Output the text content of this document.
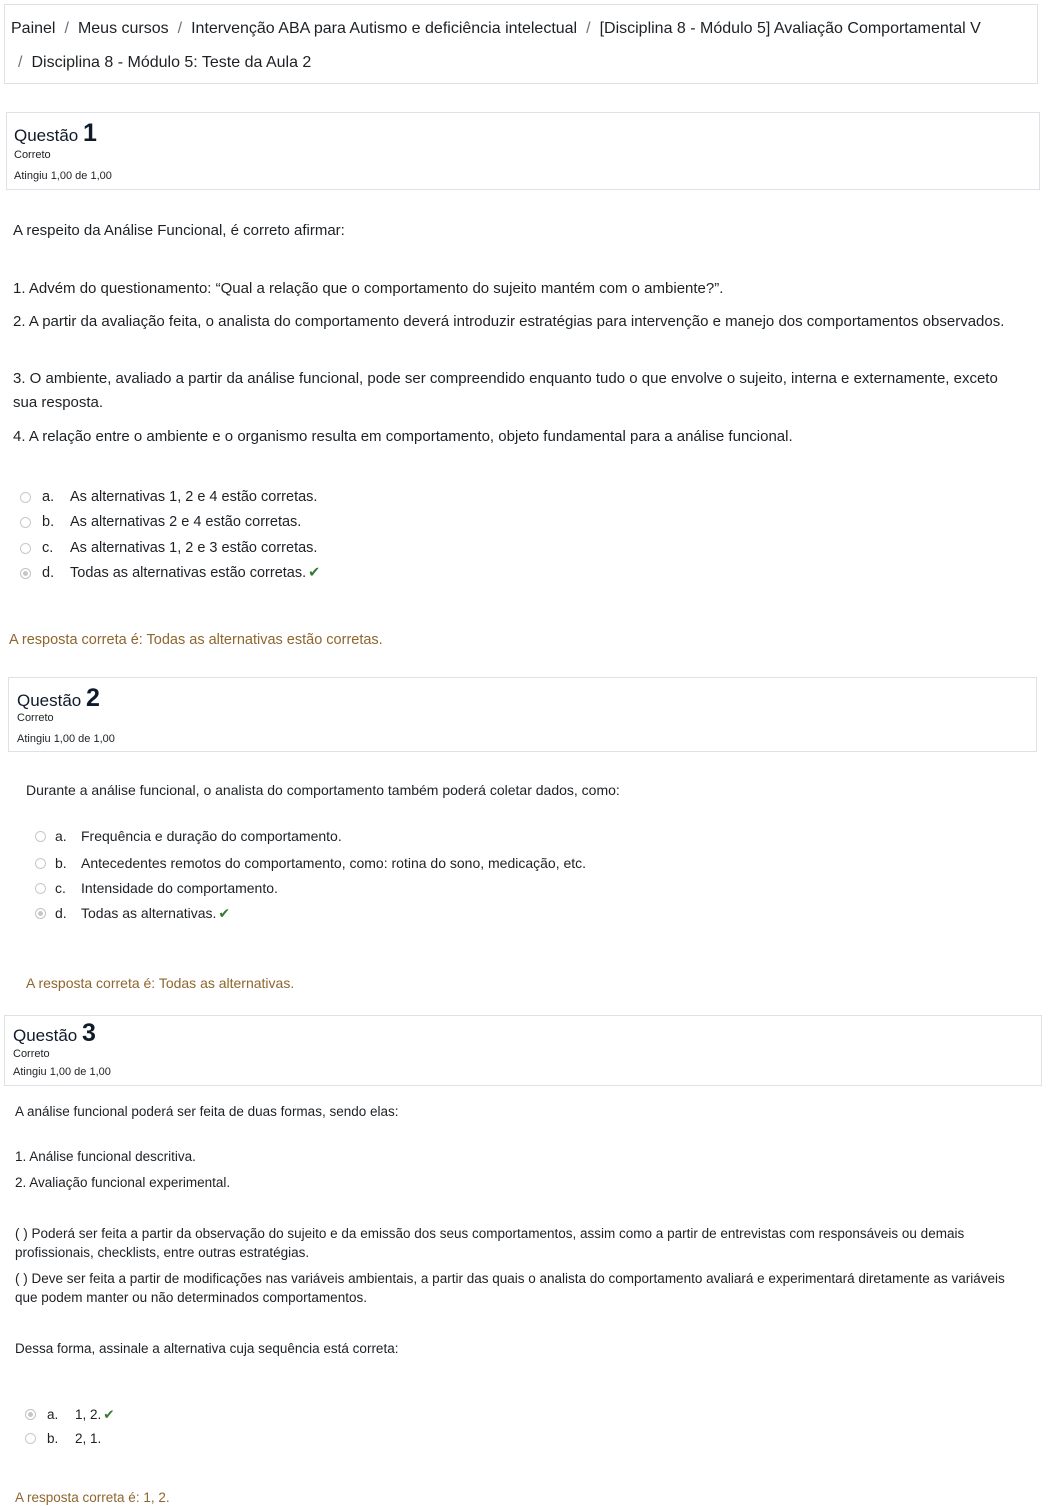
Painel / Meus cursos / Intervenção ABA para Autismo e deficiência intelectual / [Disciplina 8 - Módulo 5] Avaliação Comportamental V
/ Disciplina 8 - Módulo 5: Teste da Aula 2
Questão 1
Correto
Atingiu 1,00 de 1,00
A respeito da Análise Funcional, é correto afirmar:
1. Advém do questionamento: “Qual a relação que o comportamento do sujeito mantém com o ambiente?”.
2. A partir da avaliação feita, o analista do comportamento deverá introduzir estratégias para intervenção e manejo dos comportamentos observados.
3. O ambiente, avaliado a partir da análise funcional, pode ser compreendido enquanto tudo o que envolve o sujeito, interna e externamente, exceto sua resposta.
4. A relação entre o ambiente e o organismo resulta em comportamento, objeto fundamental para a análise funcional.
a. As alternativas 1, 2 e 4 estão corretas.
b. As alternativas 2 e 4 estão corretas.
c. As alternativas 1, 2 e 3 estão corretas.
d. Todas as alternativas estão corretas. ✔
A resposta correta é: Todas as alternativas estão corretas.
Questão 2
Correto
Atingiu 1,00 de 1,00
Durante a análise funcional, o analista do comportamento também poderá coletar dados, como:
a. Frequência e duração do comportamento.
b. Antecedentes remotos do comportamento, como: rotina do sono, medicação, etc.
c. Intensidade do comportamento.
d. Todas as alternativas. ✔
A resposta correta é: Todas as alternativas.
Questão 3
Correto
Atingiu 1,00 de 1,00
A análise funcional poderá ser feita de duas formas, sendo elas:
1. Análise funcional descritiva.
2. Avaliação funcional experimental.
( ) Poderá ser feita a partir da observação do sujeito e da emissão dos seus comportamentos, assim como a partir de entrevistas com responsáveis ou demais profissionais, checklists, entre outras estratégias.
( ) Deve ser feita a partir de modificações nas variáveis ambientais, a partir das quais o analista do comportamento avaliará e experimentará diretamente as variáveis que podem manter ou não determinados comportamentos.
Dessa forma, assinale a alternativa cuja sequência está correta:
a. 1, 2. ✔
b. 2, 1.
A resposta correta é: 1, 2.
